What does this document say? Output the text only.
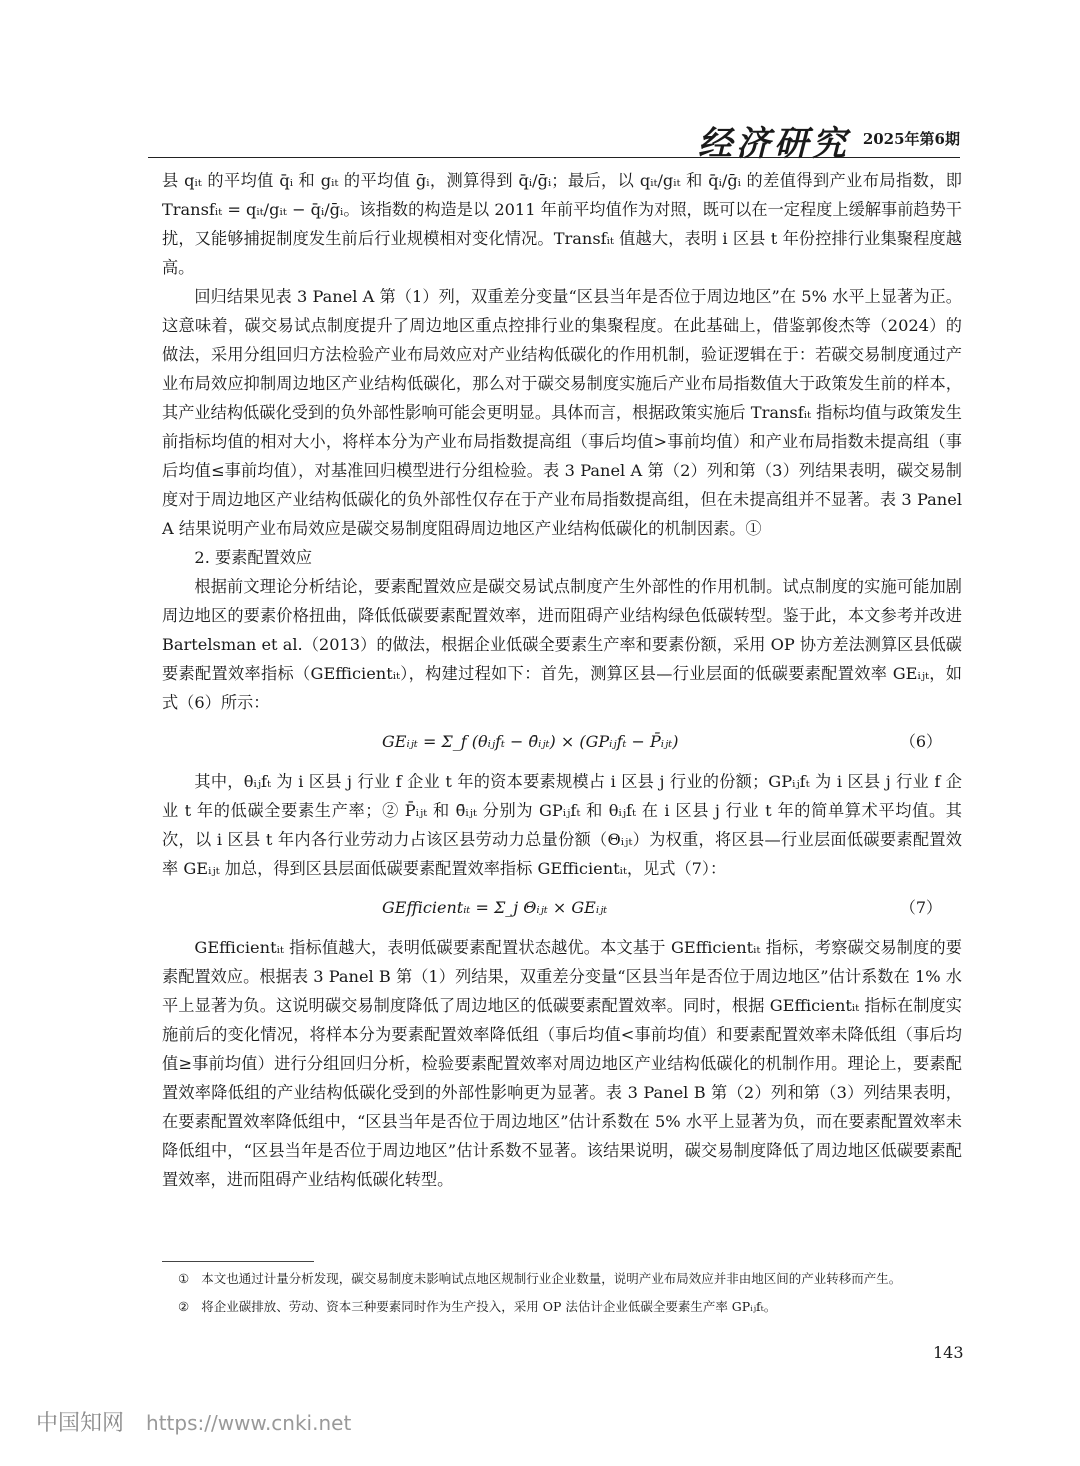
经济研究 2025年第6期

县 qᵢₜ 的平均值 q̄ᵢ 和 gᵢₜ 的平均值 ḡᵢ，测算得到 q̄ᵢ/ḡᵢ；最后，以 qᵢₜ/gᵢₜ 和 q̄ᵢ/ḡᵢ 的差值得到产业布局指数，即 Transfᵢₜ = qᵢₜ/gᵢₜ − q̄ᵢ/ḡᵢ。该指数的构造是以 2011 年前平均值作为对照，既可以在一定程度上缓解事前趋势干扰，又能够捕捉制度发生前后行业规模相对变化情况。Transfᵢₜ 值越大，表明 i 区县 t 年份控排行业集聚程度越高。

回归结果见表 3 Panel A 第（1）列，双重差分变量“区县当年是否位于周边地区”在 5% 水平上显著为正。这意味着，碳交易试点制度提升了周边地区重点控排行业的集聚程度。在此基础上，借鉴郭俊杰等（2024）的做法，采用分组回归方法检验产业布局效应对产业结构低碳化的作用机制，验证逻辑在于：若碳交易制度通过产业布局效应抑制周边地区产业结构低碳化，那么对于碳交易制度实施后产业布局指数值大于政策发生前的样本，其产业结构低碳化受到的负外部性影响可能会更明显。具体而言，根据政策实施后 Transfᵢₜ 指标均值与政策发生前指标均值的相对大小，将样本分为产业布局指数提高组（事后均值>事前均值）和产业布局指数未提高组（事后均值≤事前均值），对基准回归模型进行分组检验。表 3 Panel A 第（2）列和第（3）列结果表明，碳交易制度对于周边地区产业结构低碳化的负外部性仅存在于产业布局指数提高组，但在未提高组并不显著。表 3 Panel A 结果说明产业布局效应是碳交易制度阻碍周边地区产业结构低碳化的机制因素。①

2. 要素配置效应

根据前文理论分析结论，要素配置效应是碳交易试点制度产生外部性的作用机制。试点制度的实施可能加剧周边地区的要素价格扭曲，降低低碳要素配置效率，进而阻碍产业结构绿色低碳转型。鉴于此，本文参考并改进 Bartelsman et al.（2013）的做法，根据企业低碳全要素生产率和要素份额，采用 OP 协方差法测算区县低碳要素配置效率指标（GEfficientᵢₜ），构建过程如下：首先，测算区县—行业层面的低碳要素配置效率 GEᵢⱼₜ，如式（6）所示：

GEᵢⱼₜ = Σ_f (θᵢⱼfₜ − θ̄ᵢⱼₜ) × (GPᵢⱼfₜ − P̄ᵢⱼₜ)	（6）

其中，θᵢⱼfₜ 为 i 区县 j 行业 f 企业 t 年的资本要素规模占 i 区县 j 行业的份额；GPᵢⱼfₜ 为 i 区县 j 行业 f 企业 t 年的低碳全要素生产率；② P̄ᵢⱼₜ 和 θ̄ᵢⱼₜ 分别为 GPᵢⱼfₜ 和 θᵢⱼfₜ 在 i 区县 j 行业 t 年的简单算术平均值。其次，以 i 区县 t 年内各行业劳动力占该区县劳动力总量份额（Θᵢⱼₜ）为权重，将区县—行业层面低碳要素配置效率 GEᵢⱼₜ 加总，得到区县层面低碳要素配置效率指标 GEfficientᵢₜ，见式（7）：

GEfficientᵢₜ = Σ_j Θᵢⱼₜ × GEᵢⱼₜ	（7）

GEfficientᵢₜ 指标值越大，表明低碳要素配置状态越优。本文基于 GEfficientᵢₜ 指标，考察碳交易制度的要素配置效应。根据表 3 Panel B 第（1）列结果，双重差分变量“区县当年是否位于周边地区”估计系数在 1% 水平上显著为负。这说明碳交易制度降低了周边地区的低碳要素配置效率。同时，根据 GEfficientᵢₜ 指标在制度实施前后的变化情况，将样本分为要素配置效率降低组（事后均值<事前均值）和要素配置效率未降低组（事后均值≥事前均值）进行分组回归分析，检验要素配置效率对周边地区产业结构低碳化的机制作用。理论上，要素配置效率降低组的产业结构低碳化受到的外部性影响更为显著。表 3 Panel B 第（2）列和第（3）列结果表明，在要素配置效率降低组中，“区县当年是否位于周边地区”估计系数在 5% 水平上显著为负，而在要素配置效率未降低组中，“区县当年是否位于周边地区”估计系数不显著。该结果说明，碳交易制度降低了周边地区低碳要素配置效率，进而阻碍产业结构低碳化转型。

① 本文也通过计量分析发现，碳交易制度未影响试点地区规制行业企业数量，说明产业布局效应并非由地区间的产业转移而产生。

② 将企业碳排放、劳动、资本三种要素同时作为生产投入，采用 OP 法估计企业低碳全要素生产率 GPᵢⱼfₜ。

143
中国知网 https://www.cnki.net
